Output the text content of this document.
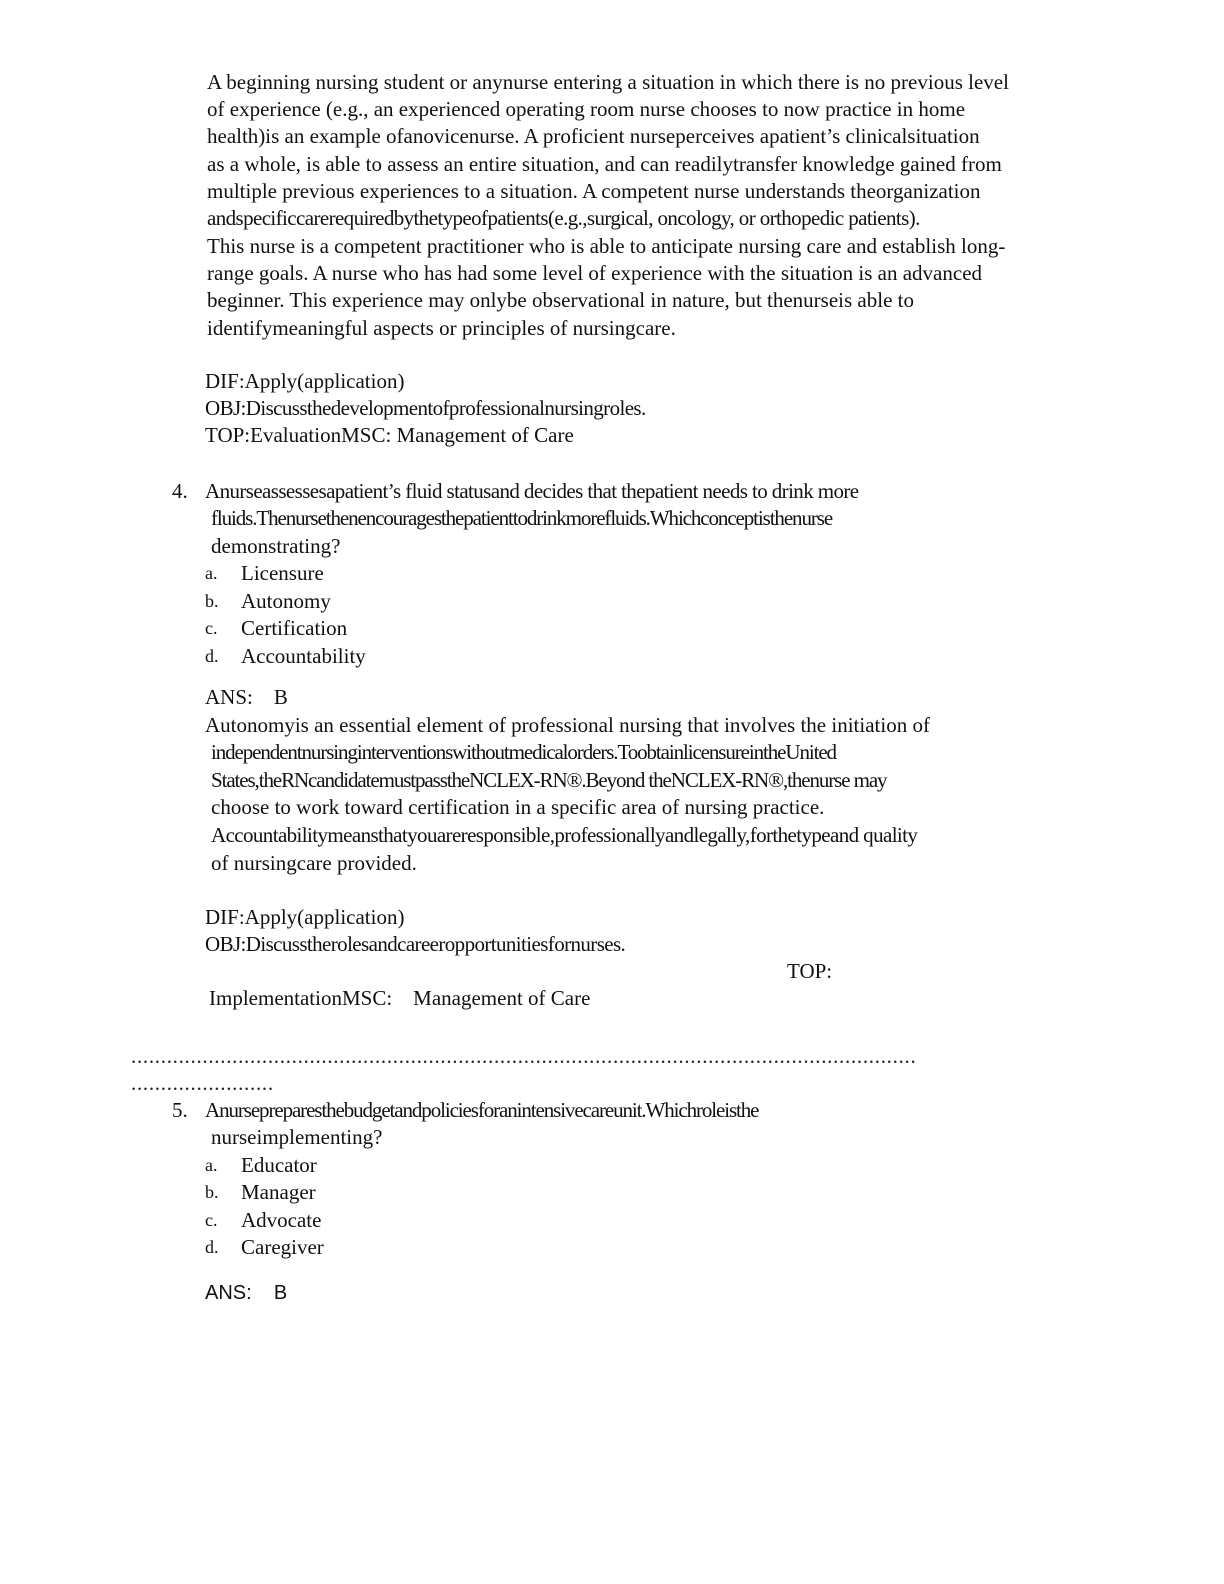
A beginning nursing student or anynurse entering a situation in which there is no previous level
of experience (e.g., an experienced operating room nurse chooses to now practice in home
health)is an example ofanovicenurse. A proficient nurseperceives apatient’s clinicalsituation
as a whole, is able to assess an entire situation, and can readilytransfer knowledge gained from
multiple previous experiences to a situation. A competent nurse understands theorganization
andspecificcarerequiredbythetypeofpatients(e.g.,surgical, oncology, or orthopedic patients).
This nurse is a competent practitioner who is able to anticipate nursing care and establish long-
range goals. A nurse who has had some level of experience with the situation is an advanced
beginner. This experience may onlybe observational in nature, but thenurseis able to
identifymeaningful aspects or principles of nursingcare.
DIF:Apply(application)
OBJ:Discussthedevelopmentofprofessionalnursingroles.
TOP:EvaluationMSC: Management of Care
4. Anurseassessesapatient’s fluid statusand decides that thepatient needs to drink more
fluids.Thenursethenencouragesthepatienttodrinkmorefluids.Whichconceptisthenurse
demonstrating?
a. Licensure
b. Autonomy
c. Certification
d. Accountability
ANS:    B
Autonomyis an essential element of professional nursing that involves the initiation of
independentnursinginterventionswithoutmedicalorders.ToobtainlicensureintheUnited
States,theRNcandidatemustpasstheNCLEX-RN®.Beyond theNCLEX-RN®,thenurse may
choose to work toward certification in a specific area of nursing practice.
Accountabilitymeansthatyouareresponsible,professionallyandlegally,forthetypeand quality
of nursingcare provided.
DIF:Apply(application)
OBJ:Discusstherolesandcareeropportunitiesfornurses.
TOP:
ImplementationMSC:    Management of Care
....................................................................................................................................
........................
5. Anursepreparesthebudgetandpoliciesforanintensivecareunit.Whichroleisthe
nurseimplementing?
a. Educator
b. Manager
c. Advocate
d. Caregiver
ANS:    B
